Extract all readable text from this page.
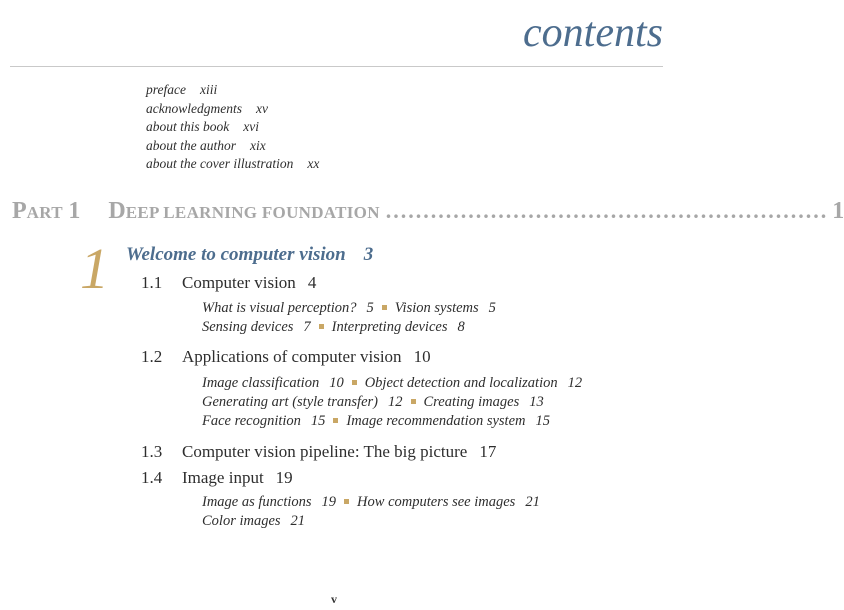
contents
preface xiii
acknowledgments xv
about this book xvi
about the author xix
about the cover illustration xx
PART 1 DEEP LEARNING FOUNDATION ........................................................... 1
1 Welcome to computer vision 3
1.1 Computer vision 4
What is visual perception? 5 Vision systems 5
Sensing devices 7 Interpreting devices 8
1.2 Applications of computer vision 10
Image classification 10 Object detection and localization 12
Generating art (style transfer) 12 Creating images 13
Face recognition 15 Image recommendation system 15
1.3 Computer vision pipeline: The big picture 17
1.4 Image input 19
Image as functions 19 How computers see images 21
Color images 21
v
